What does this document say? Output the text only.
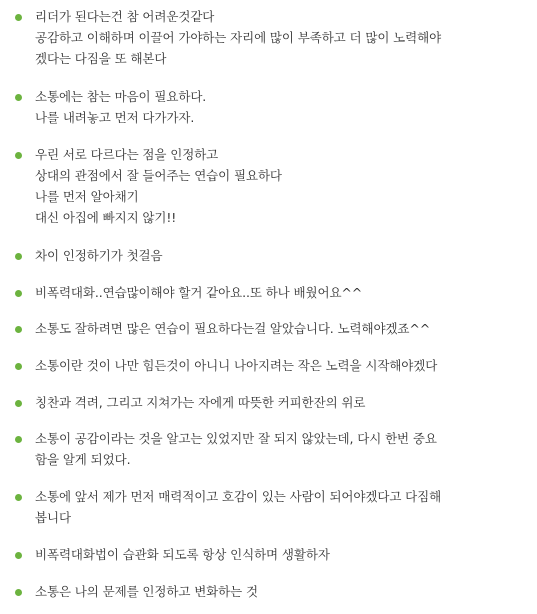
리더가 된다는건 참 어려운것같다
공감하고 이해하며 이끌어 가야하는 자리에 많이 부족하고 더 많이 노력해야
겠다는 다짐을 또 해본다
소통에는 참는 마음이 필요하다.
나를 내려놓고 먼저 다가가자.
우린 서로 다르다는 점을 인정하고
상대의 관점에서 잘 들어주는 연습이 필요하다
나를 먼저 알아채기
대신 아집에 빠지지 않기!!
차이 인정하기가 첫걸음
비폭력대화..연습많이해야 할거 같아요..또 하나 배웠어요^^
소통도 잘하려면 많은 연습이 필요하다는걸 알았습니다. 노력해야겠죠^^
소통이란 것이 나만 힘든것이 아니니 나아지려는 작은 노력을 시작해야겠다
칭찬과 격려, 그리고 지쳐가는 자에게 따뜻한 커피한잔의 위로
소통이 공감이라는 것을 알고는 있었지만 잘 되지 않았는데, 다시 한번 중요
함을 알게 되었다.
소통에 앞서 제가 먼저 매력적이고 호감이 있는 사람이 되어야겠다고 다짐해
봅니다
비폭력대화법이 습관화 되도록 항상 인식하며 생활하자
소통은 나의 문제를 인정하고 변화하는 것
